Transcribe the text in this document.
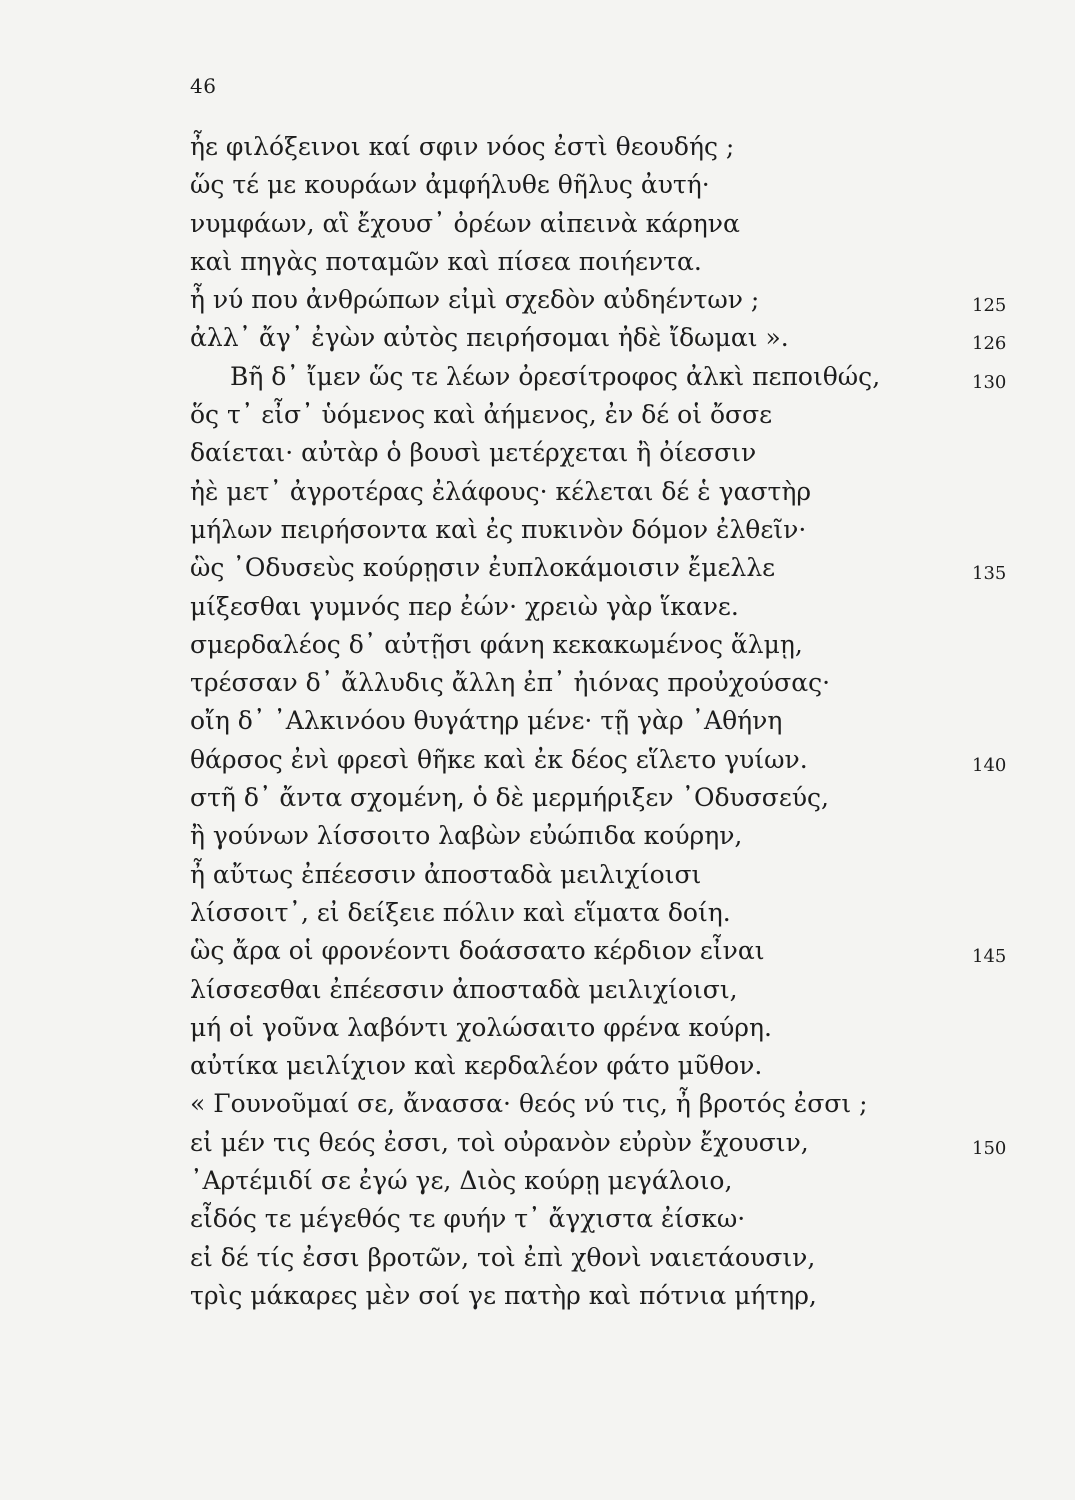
46
ἦε φιλόξεινοι καί σφιν νόος ἐστὶ θεουδής ;
ὥς τέ με κουράων ἀμφήλυθε θῆλυς ἀυτή·
νυμφάων, αἳ ἔχουσ᾽ ὀρέων αἰπεινὰ κάρηνα
καὶ πηγὰς ποταμῶν καὶ πίσεα ποιήεντα.
ἦ νύ που ἀνθρώπων εἰμὶ σχεδὸν αὐδηέντων ;	125
ἀλλ᾽ ἄγ᾽ ἐγὼν αὐτὸς πειρήσομαι ἠδὲ ἴδωμαι ».	126
Βῆ δ᾽ ἴμεν ὥς τε λέων ὀρεσίτροφος ἀλκὶ πεποιθώς,	130
ὅς τ᾽ εἶσ᾽ ὑόμενος καὶ ἀήμενος, ἐν δέ οἱ ὄσσε
δαίεται· αὐτὰρ ὁ βουσὶ μετέρχεται ἢ ὀίεσσιν
ἠὲ μετ᾽ ἀγροτέρας ἐλάφους· κέλεται δέ ἑ γαστὴρ
μήλων πειρήσοντα καὶ ἐς πυκινὸν δόμον ἐλθεῖν·
ὣς ᾽Οδυσεὺς κούρῃσιν ἐυπλοκάμοισιν ἔμελλε	135
μίξεσθαι γυμνός περ ἐών· χρειὼ γὰρ ἵκανε.
σμερδαλέος δ᾽ αὐτῇσι φάνη κεκακωμένος ἅλμῃ,
τρέσσαν δ᾽ ἄλλυδις ἄλλη ἐπ᾽ ἠιόνας προὐχούσας·
οἴη δ᾽ ᾽Αλκινόου θυγάτηρ μένε· τῇ γὰρ ᾽Αθήνη
θάρσος ἐνὶ φρεσὶ θῆκε καὶ ἐκ δέος εἵλετο γυίων.	140
στῆ δ᾽ ἄντα σχομένη, ὁ δὲ μερμήριξεν ᾽Οδυσσεύς,
ἢ γούνων λίσσοιτο λαβὼν εὐώπιδα κούρην,
ἦ αὔτως ἐπέεσσιν ἀποσταδὰ μειλιχίοισι
λίσσοιτ᾽, εἰ δείξειε πόλιν καὶ εἵματα δοίη.
ὣς ἄρα οἱ φρονέοντι δοάσσατο κέρδιον εἶναι	145
λίσσεσθαι ἐπέεσσιν ἀποσταδὰ μειλιχίοισι,
μή οἱ γοῦνα λαβόντι χολώσαιτο φρένα κούρη.
αὐτίκα μειλίχιον καὶ κερδαλέον φάτο μῦθον.
« Γουνοῦμαί σε, ἄνασσα· θεός νύ τις, ἦ βροτός ἐσσι ;
εἰ μέν τις θεός ἐσσι, τοὶ οὐρανὸν εὐρὺν ἔχουσιν,	150
᾽Αρτέμιδί σε ἐγώ γε, Διὸς κούρῃ μεγάλοιο,
εἶδός τε μέγεθός τε φυήν τ᾽ ἄγχιστα ἐίσκω·
εἰ δέ τίς ἐσσι βροτῶν, τοὶ ἐπὶ χθονὶ ναιετάουσιν,
τρὶς μάκαρες μὲν σοί γε πατὴρ καὶ πότνια μήτηρ,
